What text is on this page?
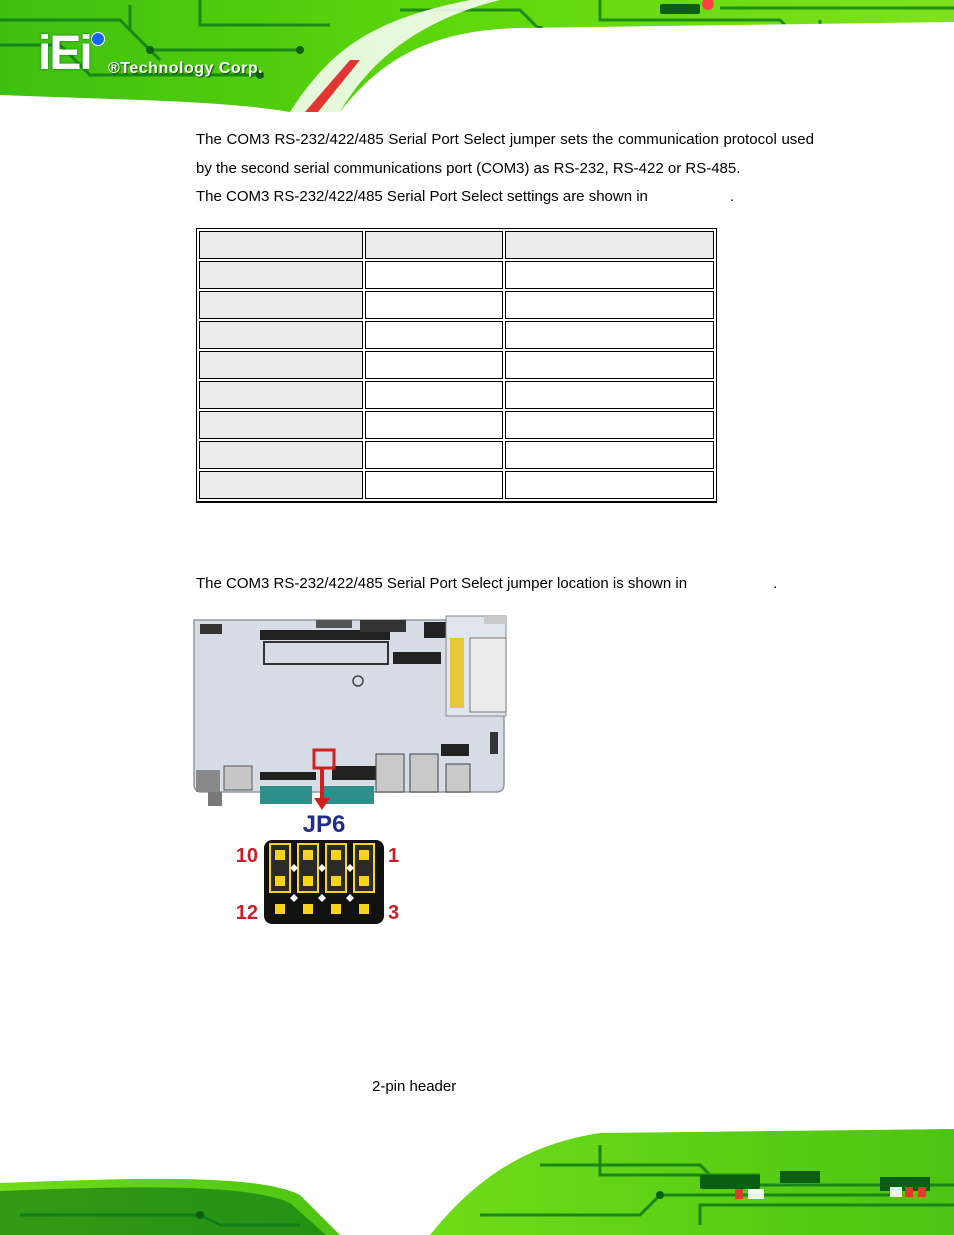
iEi ®Technology Corp.
The COM3 RS-232/422/485 Serial Port Select jumper sets the communication protocol used by the second serial communications port (COM3) as RS-232, RS-422 or RS-485.
The COM3 RS-232/422/485 Serial Port Select settings are shown in	.

The COM3 RS-232/422/485 Serial Port Select jumper location is shown in	.
JP6
10	1
12	3
2-pin header
